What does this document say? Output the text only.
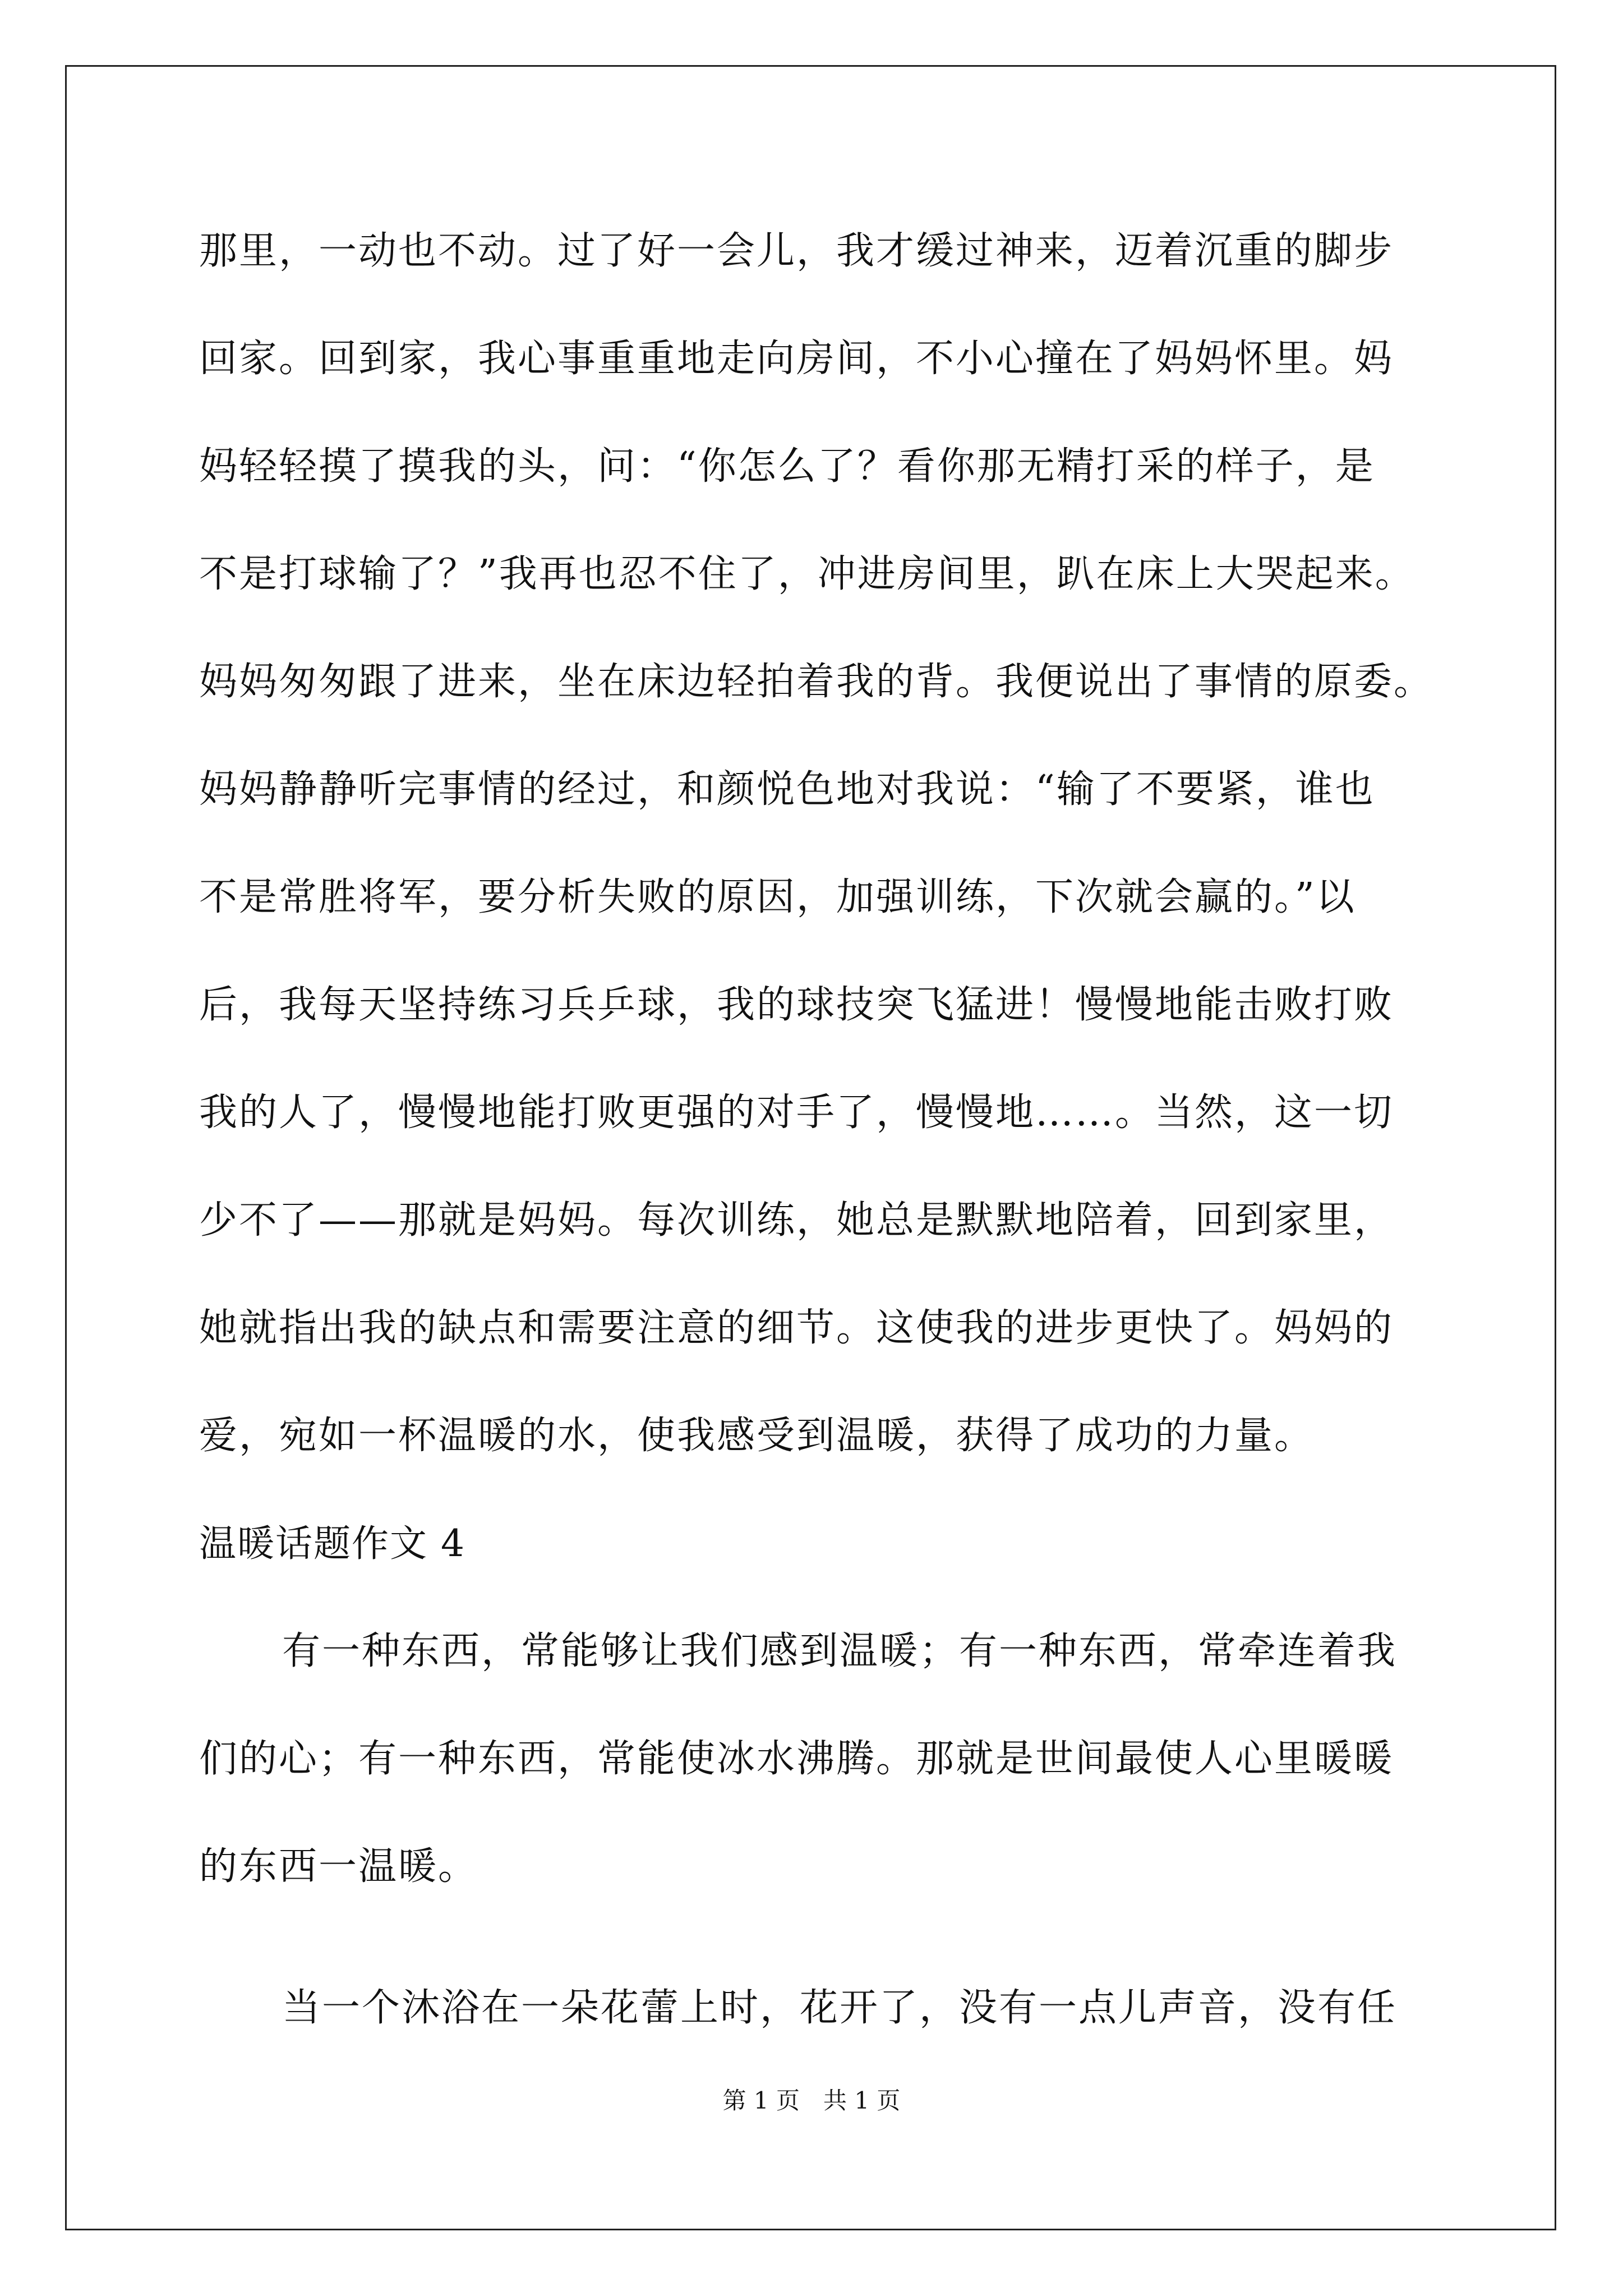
那里，一动也不动。过了好一会儿，我才缓过神来，迈着沉重的脚步
回家。回到家，我心事重重地走向房间，不小心撞在了妈妈怀里。妈
妈轻轻摸了摸我的头，问：“你怎么了？看你那无精打采的样子，是
不是打球输了？”我再也忍不住了，冲进房间里，趴在床上大哭起来。
妈妈匆匆跟了进来，坐在床边轻拍着我的背。我便说出了事情的原委。
妈妈静静听完事情的经过，和颜悦色地对我说：“输了不要紧，谁也
不是常胜将军，要分析失败的原因，加强训练，下次就会赢的。”以
后，我每天坚持练习兵乒球，我的球技突飞猛进！慢慢地能击败打败
我的人了，慢慢地能打败更强的对手了，慢慢地……。当然，这一切
少不了——那就是妈妈。每次训练，她总是默默地陪着，回到家里，
她就指出我的缺点和需要注意的细节。这使我的进步更快了。妈妈的
爱，宛如一杯温暖的水，使我感受到温暖，获得了成功的力量。
温暖话题作文 4
有一种东西，常能够让我们感到温暖；有一种东西，常牵连着我
们的心；有一种东西，常能使冰水沸腾。那就是世间最使人心里暖暖
的东西一温暖。
当一个沐浴在一朵花蕾上时，花开了，没有一点儿声音，没有任
第 1 页　共 1 页
